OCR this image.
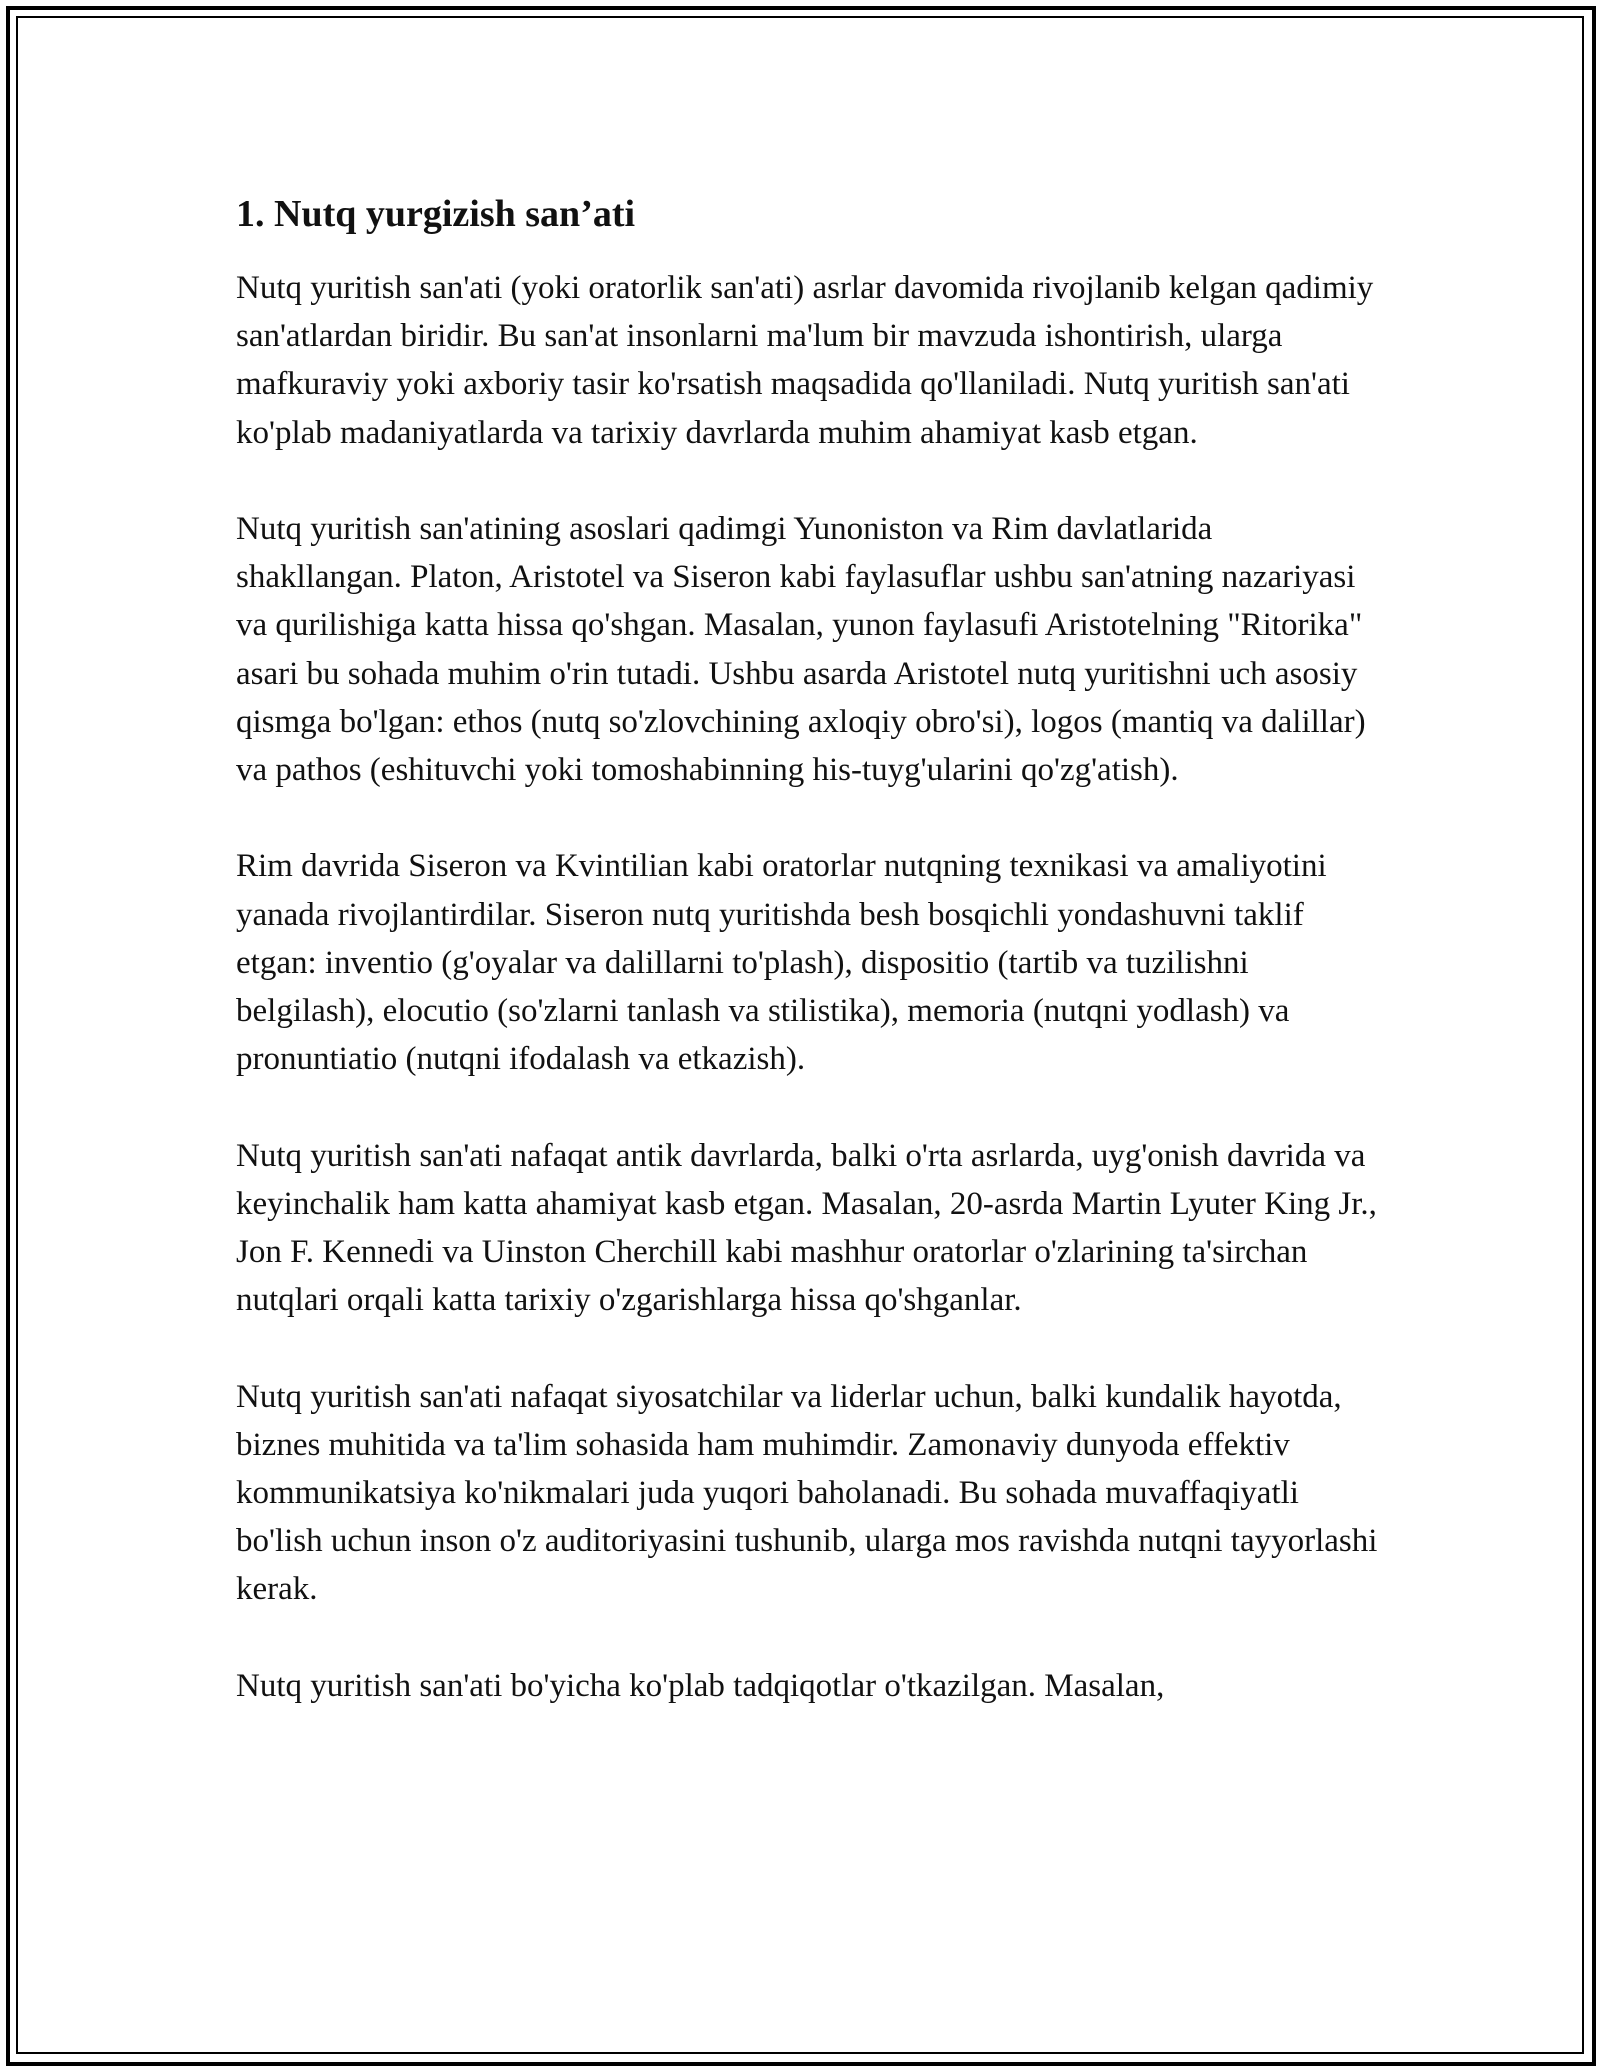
1. Nutq yurgizish san’ati

Nutq yuritish san'ati (yoki oratorlik san'ati) asrlar davomida rivojlanib kelgan qadimiy san'atlardan biridir. Bu san'at insonlarni ma'lum bir mavzuda ishontirish, ularga mafkuraviy yoki axboriy tasir ko'rsatish maqsadida qo'llaniladi. Nutq yuritish san'ati ko'plab madaniyatlarda va tarixiy davrlarda muhim ahamiyat kasb etgan.

Nutq yuritish san'atining asoslari qadimgi Yunoniston va Rim davlatlarida shakllangan. Platon, Aristotel va Siseron kabi faylasuflar ushbu san'atning nazariyasi va qurilishiga katta hissa qo'shgan. Masalan, yunon faylasufi Aristotelning "Ritorika" asari bu sohada muhim o'rin tutadi. Ushbu asarda Aristotel nutq yuritishni uch asosiy qismga bo'lgan: ethos (nutq so'zlovchining axloqiy obro'si), logos (mantiq va dalillar) va pathos (eshituvchi yoki tomoshabinning his-tuyg'ularini qo'zg'atish).

Rim davrida Siseron va Kvintilian kabi oratorlar nutqning texnikasi va amaliyotini yanada rivojlantirdilar. Siseron nutq yuritishda besh bosqichli yondashuvni taklif etgan: inventio (g'oyalar va dalillarni to'plash), dispositio (tartib va tuzilishni belgilash), elocutio (so'zlarni tanlash va stilistika), memoria (nutqni yodlash) va pronuntiatio (nutqni ifodalash va etkazish).

Nutq yuritish san'ati nafaqat antik davrlarda, balki o'rta asrlarda, uyg'onish davrida va keyinchalik ham katta ahamiyat kasb etgan. Masalan, 20-asrda Martin Lyuter King Jr., Jon F. Kennedi va Uinston Cherchill kabi mashhur oratorlar o'zlarining ta'sirchan nutqlari orqali katta tarixiy o'zgarishlarga hissa qo'shganlar.

Nutq yuritish san'ati nafaqat siyosatchilar va liderlar uchun, balki kundalik hayotda, biznes muhitida va ta'lim sohasida ham muhimdir. Zamonaviy dunyoda effektiv kommunikatsiya ko'nikmalari juda yuqori baholanadi. Bu sohada muvaffaqiyatli bo'lish uchun inson o'z auditoriyasini tushunib, ularga mos ravishda nutqni tayyorlashi kerak.

Nutq yuritish san'ati bo'yicha ko'plab tadqiqotlar o'tkazilgan. Masalan,
